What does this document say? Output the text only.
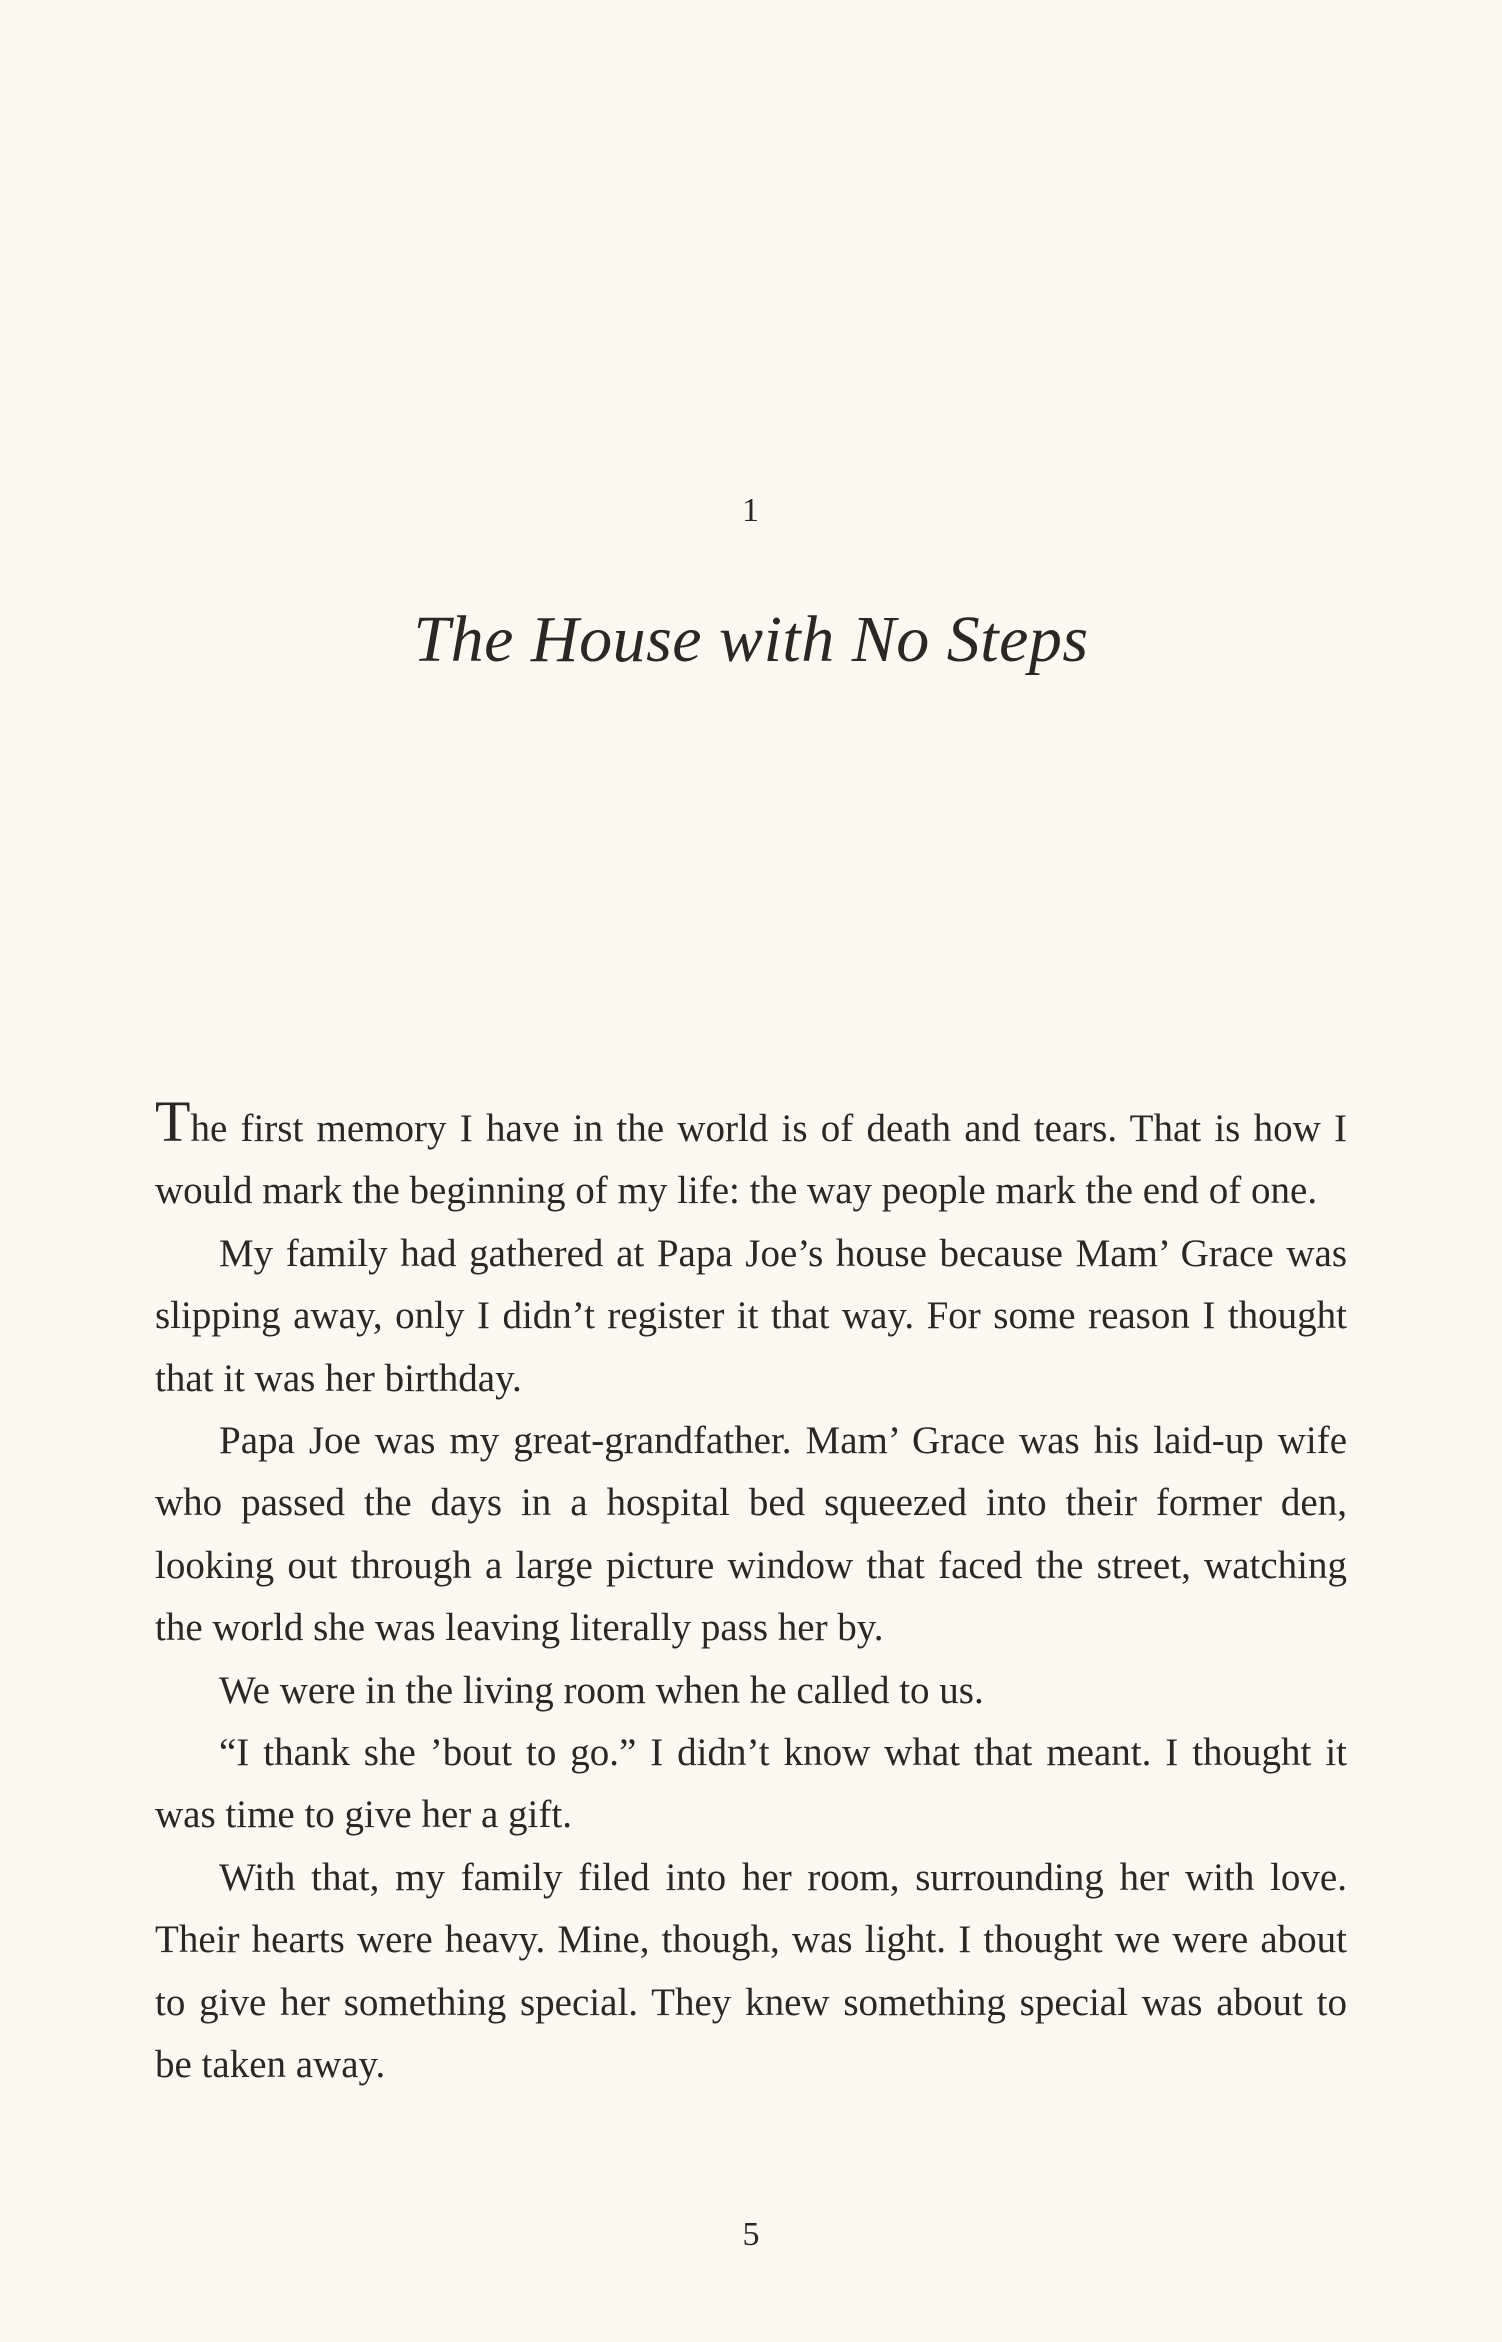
1
The House with No Steps

The first memory I have in the world is of death and tears. That is how I would mark the beginning of my life: the way people mark the end of one.

My family had gathered at Papa Joe’s house because Mam’ Grace was slipping away, only I didn’t register it that way. For some reason I thought that it was her birthday.

Papa Joe was my great-grandfather. Mam’ Grace was his laid-up wife who passed the days in a hospital bed squeezed into their former den, looking out through a large picture window that faced the street, watching the world she was leaving literally pass her by.

We were in the living room when he called to us.

“I thank she ’bout to go.” I didn’t know what that meant. I thought it was time to give her a gift.

With that, my family filed into her room, surrounding her with love. Their hearts were heavy. Mine, though, was light. I thought we were about to give her something special. They knew something special was about to be taken away.

5
